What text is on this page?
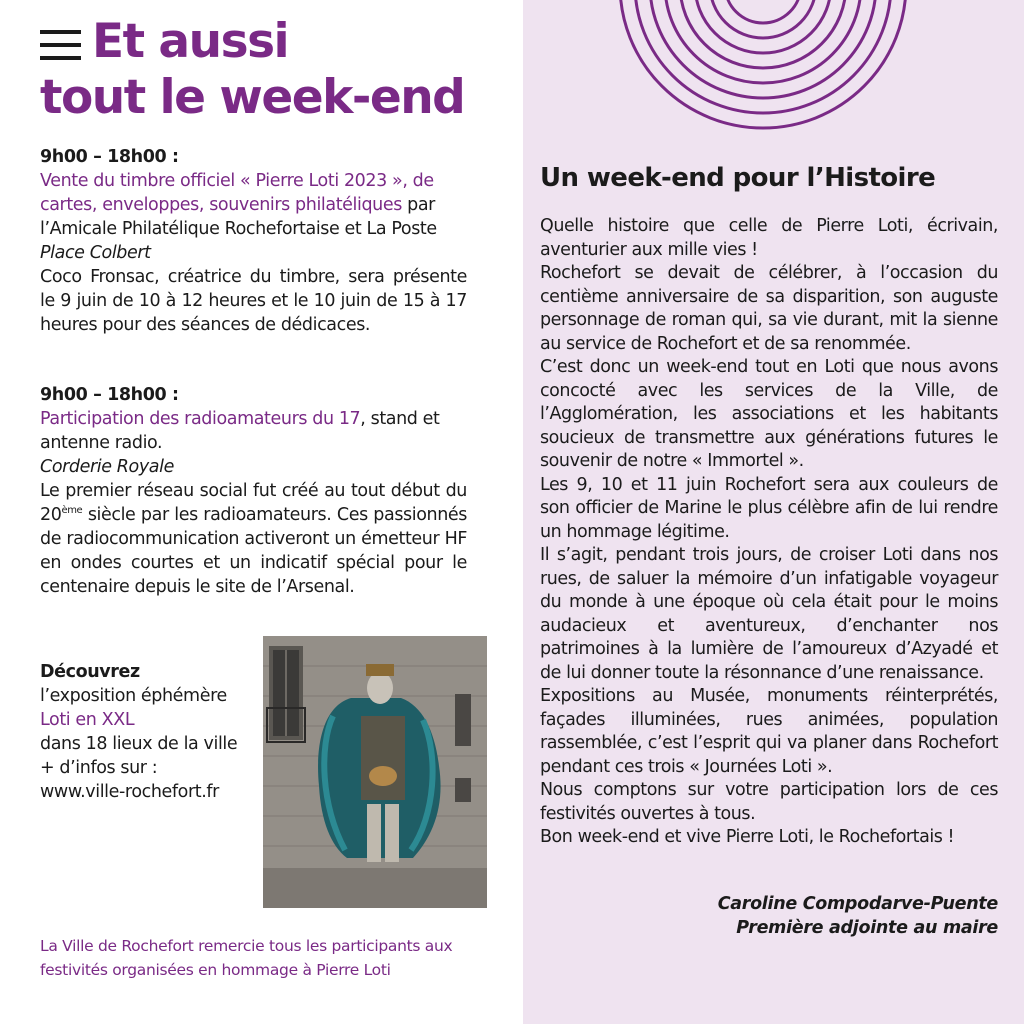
Et aussi
tout le week-end
9h00 – 18h00 :
Vente du timbre officiel « Pierre Loti 2023 », de cartes, enveloppes, souvenirs philatéliques par l’Amicale Philatélique Rochefortaise et La Poste
Place Colbert
Coco Fronsac, créatrice du timbre, sera présente le 9 juin de 10 à 12 heures et le 10 juin de 15 à 17 heures pour des séances de dédicaces.
9h00 – 18h00 :
Participation des radioamateurs du 17, stand et antenne radio.
Corderie Royale
Le premier réseau social fut créé au tout début du 20ème siècle par les radioamateurs. Ces passionnés de radiocommunication activeront un émetteur HF en ondes courtes et un indicatif spécial pour le centenaire depuis le site de l’Arsenal.
Découvrez
l’exposition éphémère
Loti en XXL
dans 18 lieux de la ville
+ d’infos sur :
www.ville-rochefort.fr
La Ville de Rochefort remercie tous les participants aux festivités organisées en hommage à Pierre Loti
Un week-end pour l’Histoire

Quelle histoire que celle de Pierre Loti, écrivain, aventurier aux mille vies !

Rochefort se devait de célébrer, à l’occasion du centième anniversaire de sa disparition, son auguste personnage de roman qui, sa vie durant, mit la sienne au service de Rochefort et de sa renommée.

C’est donc un week-end tout en Loti que nous avons concocté avec les services de la Ville, de l’Agglomération, les associations et les habitants soucieux de transmettre aux générations futures le souvenir de notre « Immortel ».

Les 9, 10 et 11 juin Rochefort sera aux couleurs de son officier de Marine le plus célèbre afin de lui rendre un hommage légitime.

Il s’agit, pendant trois jours, de croiser Loti dans nos rues, de saluer la mémoire d’un infatigable voyageur du monde à une époque où cela était pour le moins audacieux et aventureux, d’enchanter nos patrimoines à la lumière de l’amoureux d’Azyadé et de lui donner toute la résonnance d’une renaissance.

Expositions au Musée, monuments réinterprétés, façades illuminées, rues animées, population rassemblée, c’est l’esprit qui va planer dans Rochefort pendant ces trois « Journées Loti ».

Nous comptons sur votre participation lors de ces festivités ouvertes à tous.

Bon week-end et vive Pierre Loti, le Rochefortais !

Caroline Compodarve-Puente
Première adjointe au maire
